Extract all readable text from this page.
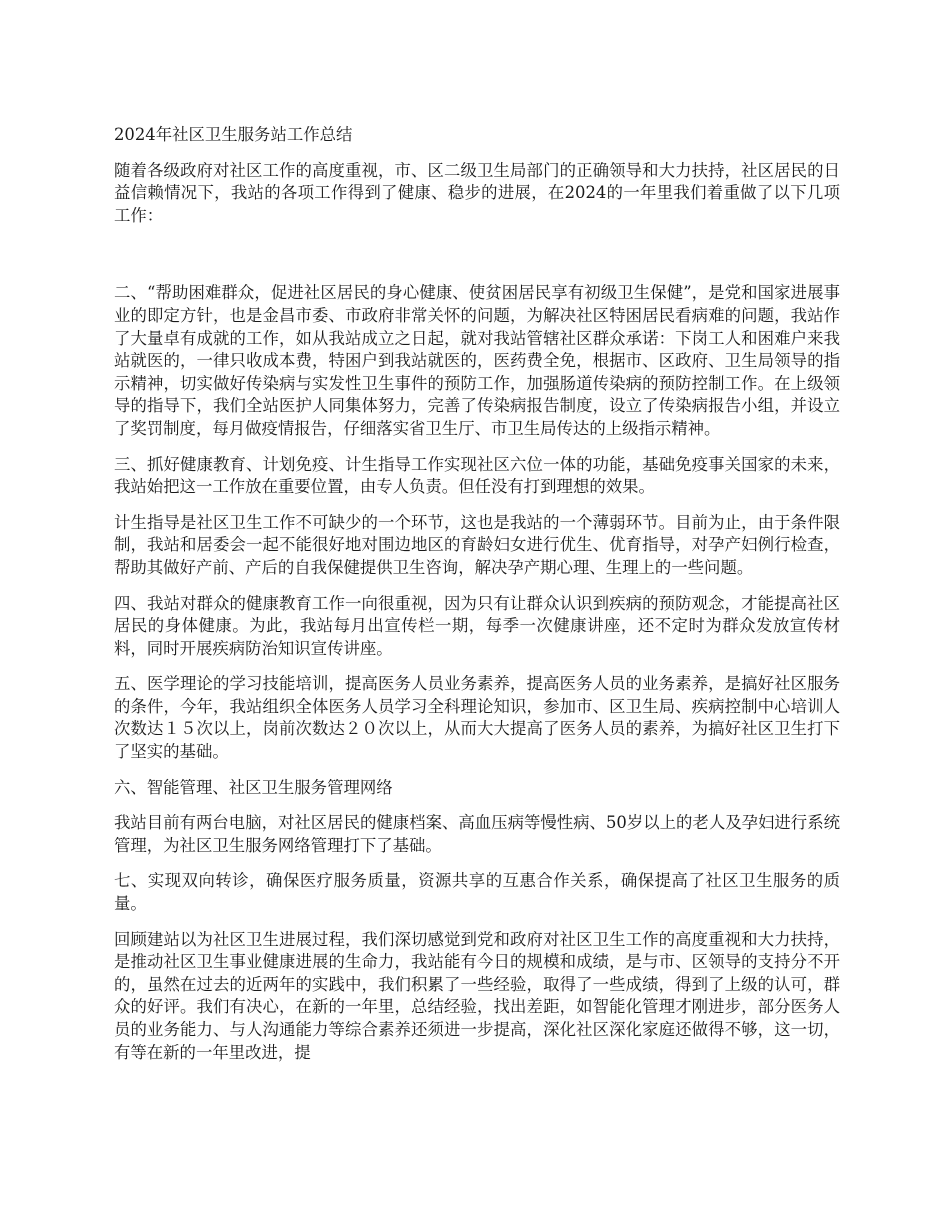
2024年社区卫生服务站工作总结

随着各级政府对社区工作的高度重视，市、区二级卫生局部门的正确领导和大力扶持，社区居民的日益信赖情况下，我站的各项工作得到了健康、稳步的进展，在2024的一年里我们着重做了以下几项工作：

二、“帮助困难群众，促进社区居民的身心健康、使贫困居民享有初级卫生保健”，是党和国家进展事业的即定方针，也是金昌市委、市政府非常关怀的问题，为解决社区特困居民看病难的问题，我站作了大量卓有成就的工作，如从我站成立之日起，就对我站管辖社区群众承诺：下岗工人和困难户来我站就医的，一律只收成本费，特困户到我站就医的，医药费全免，根据市、区政府、卫生局领导的指示精神，切实做好传染病与实发性卫生事件的预防工作，加强肠道传染病的预防控制工作。在上级领导的指导下，我们全站医护人同集体努力，完善了传染病报告制度，设立了传染病报告小组，并设立了奖罚制度，每月做疫情报告，仔细落实省卫生厅、市卫生局传达的上级指示精神。

三、抓好健康教育、计划免疫、计生指导工作实现社区六位一体的功能，基础免疫事关国家的未来，我站始把这一工作放在重要位置，由专人负责。但任没有打到理想的效果。

计生指导是社区卫生工作不可缺少的一个环节，这也是我站的一个薄弱环节。目前为止，由于条件限制，我站和居委会一起不能很好地对围边地区的育龄妇女进行优生、优育指导，对孕产妇例行检查，帮助其做好产前、产后的自我保健提供卫生咨询，解决孕产期心理、生理上的一些问题。

四、我站对群众的健康教育工作一向很重视，因为只有让群众认识到疾病的预防观念，才能提高社区居民的身体健康。为此，我站每月出宣传栏一期，每季一次健康讲座，还不定时为群众发放宣传材料，同时开展疾病防治知识宣传讲座。

五、医学理论的学习技能培训，提高医务人员业务素养，提高医务人员的业务素养，是搞好社区服务的条件，今年，我站组织全体医务人员学习全科理论知识，参加市、区卫生局、疾病控制中心培训人次数达１５次以上，岗前次数达２０次以上，从而大大提高了医务人员的素养，为搞好社区卫生打下了坚实的基础。

六、智能管理、社区卫生服务管理网络

我站目前有两台电脑，对社区居民的健康档案、高血压病等慢性病、50岁以上的老人及孕妇进行系统管理，为社区卫生服务网络管理打下了基础。

七、实现双向转诊，确保医疗服务质量，资源共享的互惠合作关系，确保提高了社区卫生服务的质量。

回顾建站以为社区卫生进展过程，我们深切感觉到党和政府对社区卫生工作的高度重视和大力扶持，是推动社区卫生事业健康进展的生命力，我站能有今日的规模和成绩，是与市、区领导的支持分不开的，虽然在过去的近两年的实践中，我们积累了一些经验，取得了一些成绩，得到了上级的认可，群众的好评。我们有决心，在新的一年里，总结经验，找出差距，如智能化管理才刚进步，部分医务人员的业务能力、与人沟通能力等综合素养还须进一步提高，深化社区深化家庭还做得不够，这一切，有等在新的一年里改进，提
